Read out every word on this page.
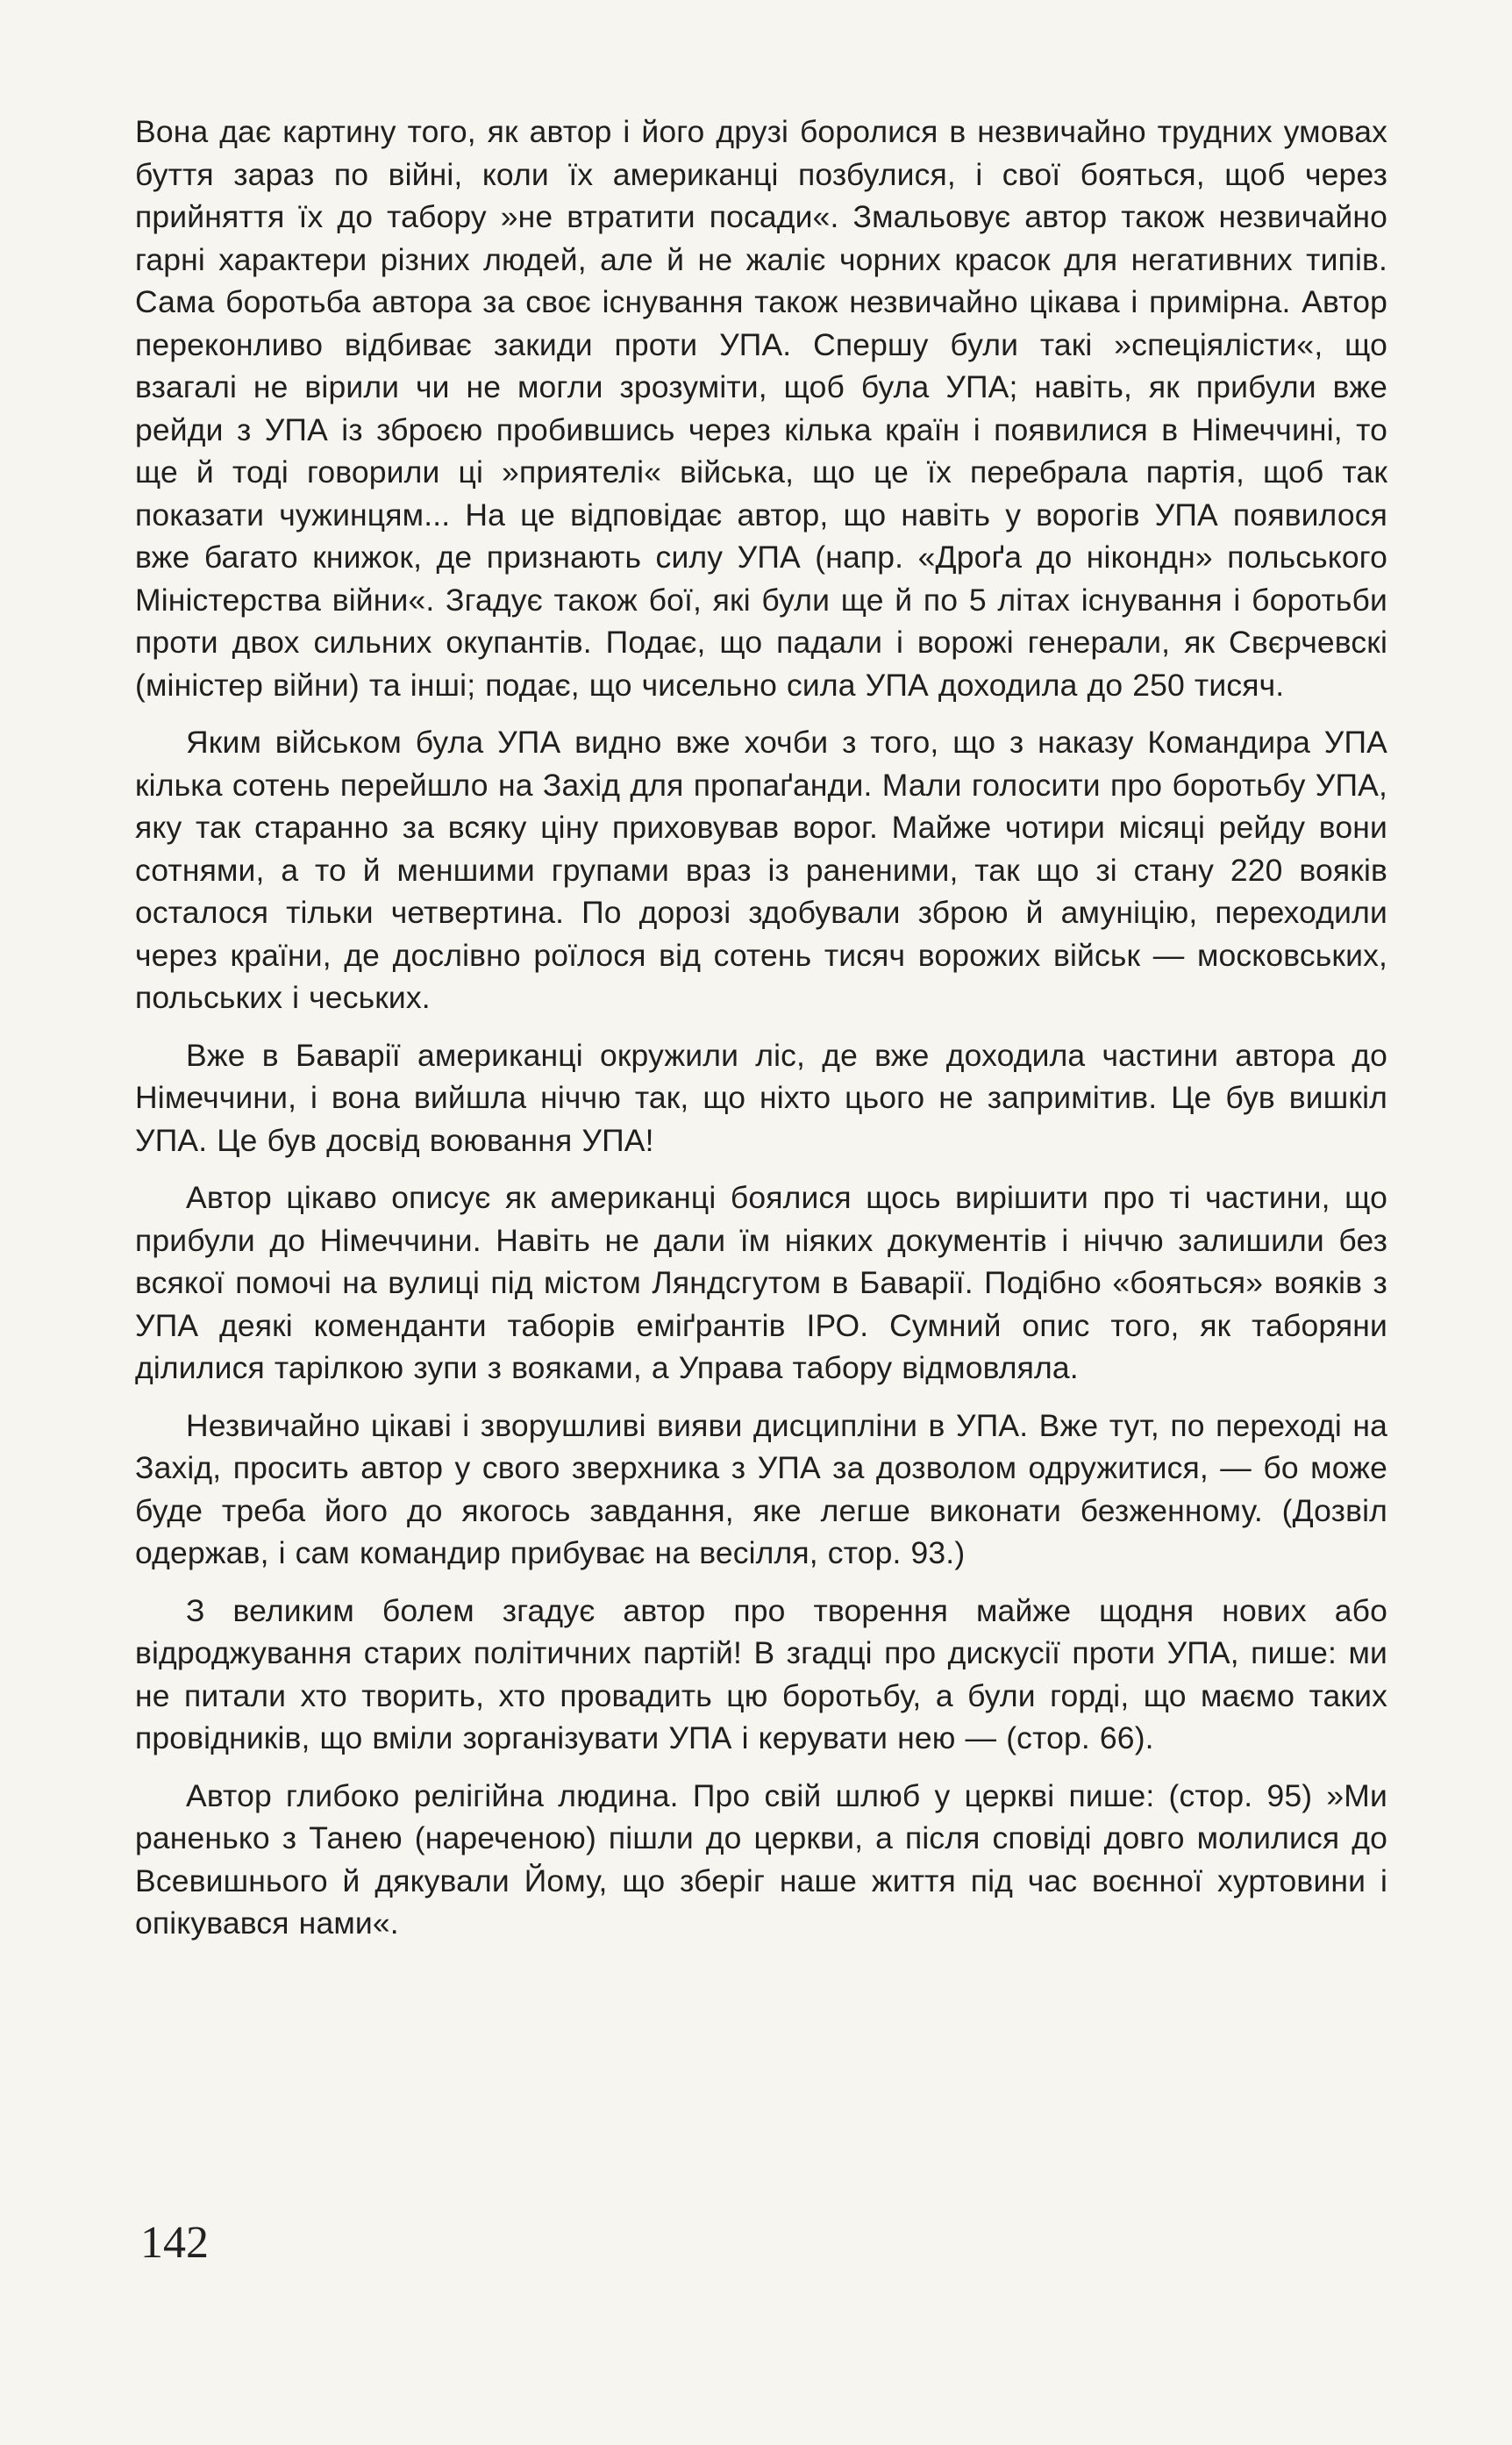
Вона дає картину того, як автор і його друзі боролися в незвичайно трудних умовах буття зараз по війні, коли їх американці позбулися, і свої бояться, щоб через прийняття їх до табору »не втратити посади«. Змальовує автор також незвичайно гарні характери різних людей, але й не жаліє чорних красок для негативних типів. Сама боротьба автора за своє існування також незвичайно цікава і примірна. Автор переконливо відбиває закиди проти УПА. Спершу були такі »спеціялісти«, що взагалі не вірили чи не могли зрозуміти, щоб була УПА; навіть, як прибули вже рейди з УПА із зброєю пробившись через кілька країн і появилися в Німеччині, то ще й тоді говорили ці »приятелі« війська, що це їх перебрала партія, щоб так показати чужинцям... На це відповідає автор, що навіть у ворогів УПА появилося вже багато книжок, де признають силу УПА (напр. «Дроґа до нікондн» польського Міністерства війни«. Згадує також бої, які були ще й по 5 літах існування і боротьби проти двох сильних окупантів. Подає, що падали і ворожі генерали, як Свєрчевскі (міністер війни) та інші; подає, що чисельно сила УПА доходила до 250 тисяч.

Яким військом була УПА видно вже хочби з того, що з наказу Командира УПА кілька сотень перейшло на Захід для пропаґанди. Мали голосити про боротьбу УПА, яку так старанно за всяку ціну приховував ворог. Майже чотири місяці рейду вони сотнями, а то й меншими групами враз із раненими, так що зі стану 220 вояків осталося тільки четвертина. По дорозі здобували зброю й амуніцію, переходили через країни, де дослівно роїлося від сотень тисяч ворожих військ — московських, польських і чеських.

Вже в Баварії американці окружили ліс, де вже доходила частини автора до Німеччини, і вона вийшла ніччю так, що ніхто цього не запримітив. Це був вишкіл УПА. Це був досвід воювання УПА!

Автор цікаво описує як американці боялися щось вирішити про ті частини, що прибули до Німеччини. Навіть не дали їм ніяких документів і ніччю залишили без всякої помочі на вулиці під містом Ляндсгутом в Баварії. Подібно «бояться» вояків з УПА деякі коменданти таборів еміґрантів ІРО. Сумний опис того, як таборяни ділилися тарілкою зупи з вояками, а Управа табору відмовляла.

Незвичайно цікаві і зворушливі вияви дисципліни в УПА. Вже тут, по переході на Захід, просить автор у свого зверхника з УПА за дозволом одружитися, — бо може буде треба його до якогось завдання, яке легше виконати безженному. (Дозвіл одержав, і сам командир прибуває на весілля, стор. 93.)

З великим болем згадує автор про творення майже щодня нових або відроджування старих політичних партій! В згадці про дискусії проти УПА, пише: ми не питали хто творить, хто провадить цю боротьбу, а були горді, що маємо таких провідників, що вміли зорганізувати УПА і керувати нею — (стор. 66).

Автор глибоко релігійна людина. Про свій шлюб у церкві пише: (стор. 95) »Ми раненько з Танею (нареченою) пішли до церкви, а після сповіді довго молилися до Всевишнього й дякували Йому, що зберіг наше життя під час воєнної хуртовини і опікувався нами«.

142
